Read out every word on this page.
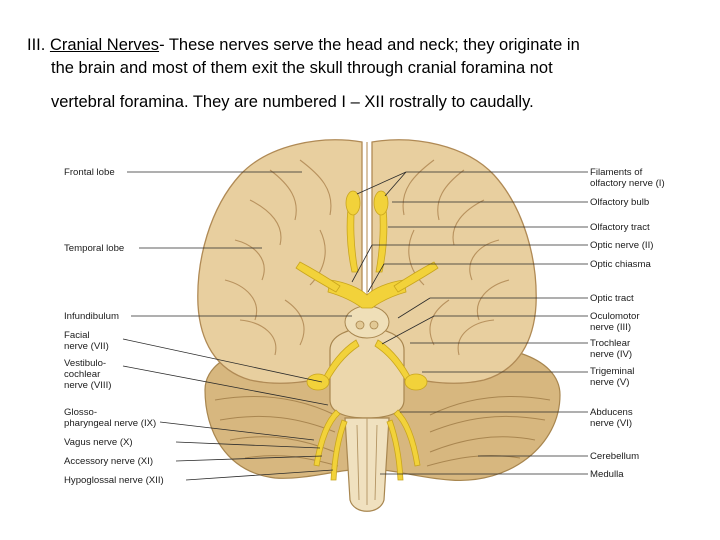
III. Cranial Nerves- These nerves serve the head and neck; they originate in
the brain and most of them exit the skull through cranial foramina not
vertebral foramina. They are numbered I – XII rostrally to caudally.
Frontal lobe
Temporal lobe
Infundibulum
Facial
nerve (VII)
Vestibulo-
cochlear
nerve (VIII)
Glosso-
pharyngeal nerve (IX)
Vagus nerve (X)
Accessory nerve (XI)
Hypoglossal nerve (XII)
Filaments of
olfactory nerve (I)
Olfactory bulb
Olfactory tract
Optic nerve (II)
Optic chiasma
Optic tract
Oculomotor
nerve (III)
Trochlear
nerve (IV)
Trigeminal
nerve (V)
Abducens
nerve (VI)
Cerebellum
Medulla
